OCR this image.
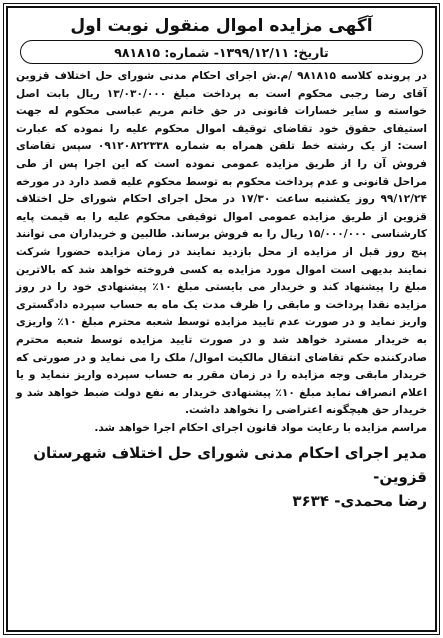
آگهی مزایده اموال منقول نوبت اول
تاریخ: ۱۳۹۹/۱۲/۱۱- شماره: ۹۸۱۸۱۵

در پرونده کلاسه ۹۸۱۸۱۵ /م.ش اجرای احکام مدنی شورای حل اختلاف قزوین آقای رضا رجبی محکوم است به پرداخت مبلغ ۱۳/۰۳۰/۰۰۰ ریال بابت اصل خواسته و سایر خسارات قانونی در حق خانم مریم عباسی محکوم له جهت استیفای حقوق خود تقاضای توقیف اموال محکوم علیه را نموده که عبارت است: از یک رشته خط تلفن همراه به شماره ۰۹۱۲۰۸۲۲۳۳۸ سپس تقاضای فروش آن را از طریق مزایده عمومی نموده است که این اجرا پس از طی مراحل قانونی و عدم پرداخت محکوم به توسط محکوم علیه قصد دارد در مورخه ۹۹/۱۲/۲۴ روز یکشنبه ساعت ۱۷/۳۰ در محل اجرای احکام شورای حل اختلاف قزوین از طریق مزایده عمومی اموال توقیفی محکوم علیه را به قیمت پایه کارشناسی ۱۵/۰۰۰/۰۰۰ ریال را به فروش برساند. طالبین و خریداران می توانند پنج روز قبل از مزایده از محل بازدید نمایند در زمان مزایده حضورا شرکت نمایند بدیهی است اموال مورد مزایده به کسی فروخته خواهد شد که بالاترین مبلغ را پیشنهاد کند و خریدار می بایستی مبلغ ۱۰٪ پیشنهادی خود را در روز مزایده نقدا پرداخت و مابقی را ظرف مدت یک ماه به حساب سپرده دادگستری واریز نماید و در صورت عدم تایید مزایده توسط شعبه محترم مبلغ ۱۰٪ واریزی به خریدار مسترد خواهد شد و در صورت تایید مزایده توسط شعبه محترم صادرکننده حکم تقاضای انتقال مالکیت اموال/ ملک را می نماید و در صورتی که خریدار مابقی وجه مزایده را در زمان مقرر به حساب سپرده واریز ننماید و یا اعلام انصراف نماید مبلغ ۱۰٪ پیشنهادی خریدار به نفع دولت ضبط خواهد شد و خریدار حق هیچگونه اعتراضی را نخواهد داشت.

مراسم مزایده با رعایت مواد قانون اجرای احکام اجرا خواهد شد.

مدیر اجرای احکام مدنی شورای حل اختلاف شهرستان قزوین-
رضا محمدی- ۳۶۳۴
